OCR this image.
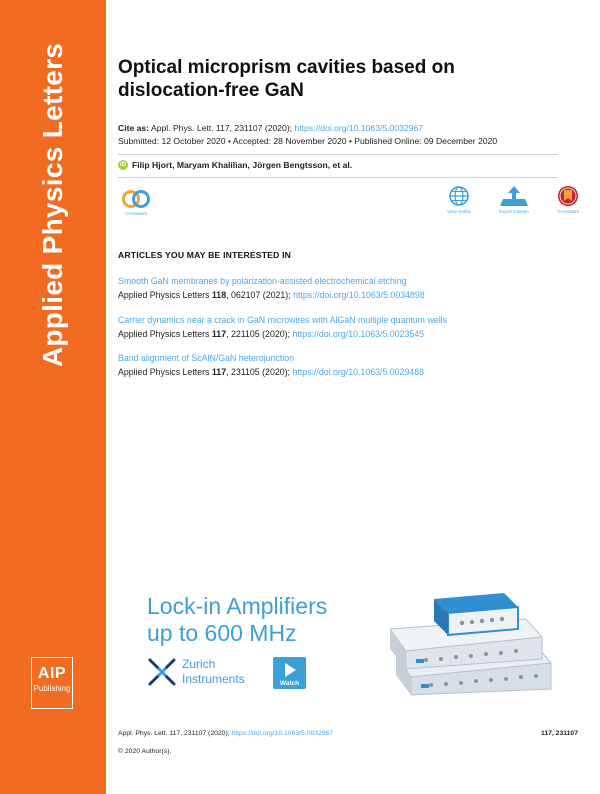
Applied Physics Letters
AIP
Publishing
Optical microprism cavities based on dislocation-free GaN
Cite as: Appl. Phys. Lett. 117, 231107 (2020); https://doi.org/10.1063/5.0032967
Submitted: 12 October 2020 • Accepted: 28 November 2020 • Published Online: 09 December 2020
iD Filip Hjort, Maryam Khalilian, Jörgen Bengtsson, et al.
CrossMark	View Online	Export Citation	CrossMark
ARTICLES YOU MAY BE INTERESTED IN
Smooth GaN membranes by polarization-assisted electrochemical etching
Applied Physics Letters 118, 062107 (2021); https://doi.org/10.1063/5.0034898
Carrier dynamics near a crack in GaN microwires with AlGaN multiple quantum wells
Applied Physics Letters 117, 221105 (2020); https://doi.org/10.1063/5.0023545
Band alignment of ScAlN/GaN heterojunction
Applied Physics Letters 117, 231105 (2020); https://doi.org/10.1063/5.0029488
Lock-in Amplifiers
up to 600 MHz
Zurich
Instruments	Watch
Appl. Phys. Lett. 117, 231107 (2020); https://doi.org/10.1063/5.0032967	117, 231107
© 2020 Author(s).
